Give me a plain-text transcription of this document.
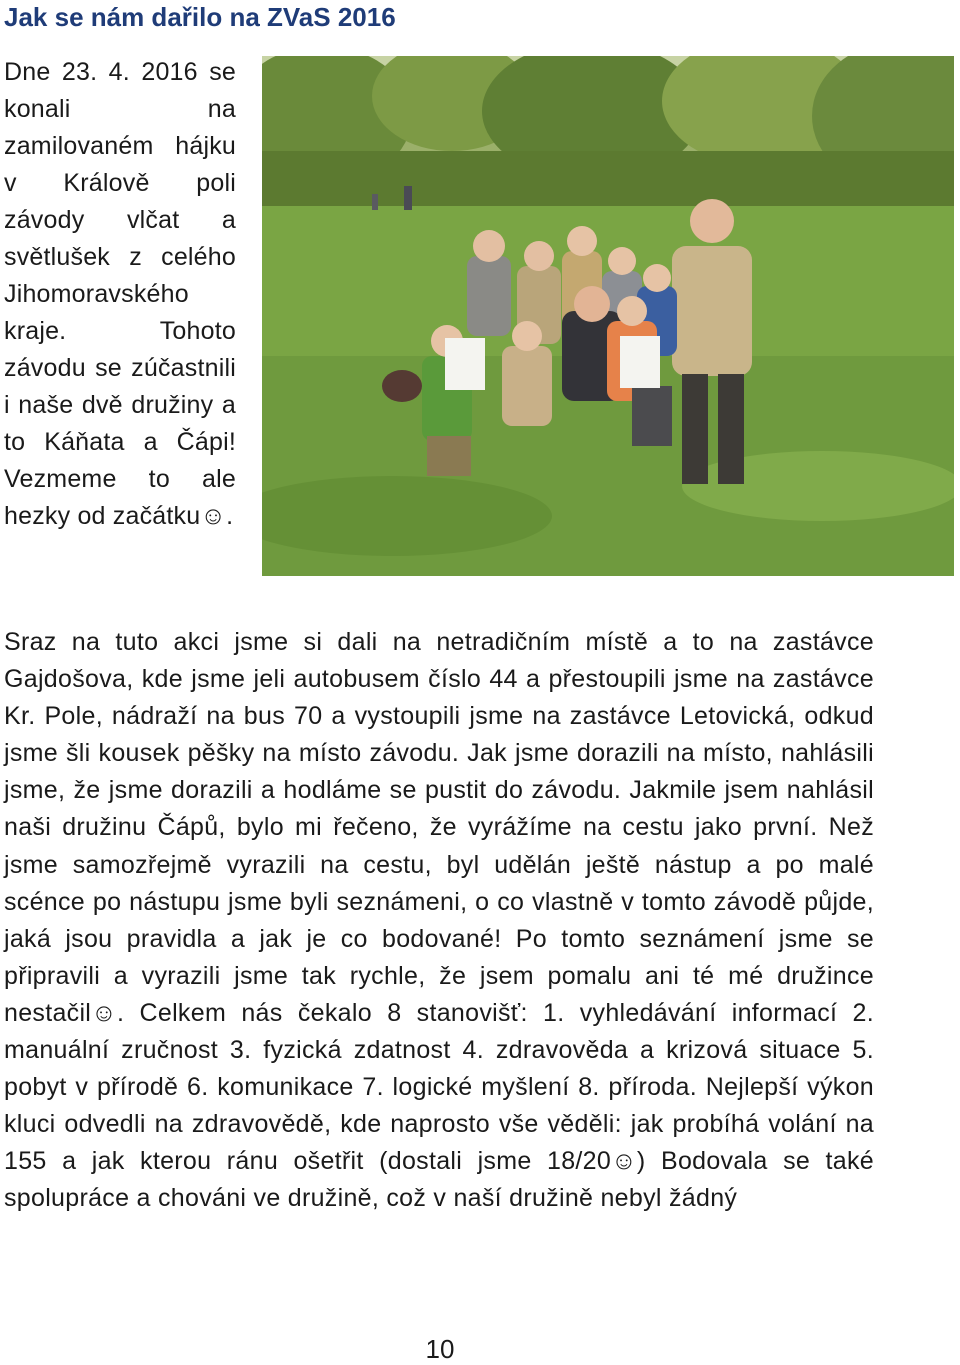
Jak se nám dařilo na ZVaS 2016
Dne 23. 4. 2016 se konali na zamilovaném hájku v Králově poli závody vlčat a světlušek z celého Jihomoravského kraje. Tohoto závodu se zúčastnili i naše dvě družiny a to Káňata a Čápi! Vezmeme to ale hezky od začátku☺.
Sraz na tuto akci jsme si dali na netradičním místě a to na zastávce Gajdošova, kde jsme jeli autobusem číslo 44 a přestoupili jsme na zastávce Kr. Pole, nádraží na bus 70 a vystoupili jsme na zastávce Letovická, odkud jsme šli kousek pěšky na místo závodu. Jak jsme dorazili na místo, nahlásili jsme, že jsme dorazili a hodláme se pustit do závodu. Jakmile jsem nahlásil naši družinu Čápů, bylo mi řečeno, že vyrážíme na cestu jako první. Než jsme samozřejmě vyrazili na cestu, byl udělán ještě nástup a po malé scénce po nástupu jsme byli seznámeni, o co vlastně v tomto závodě půjde, jaká jsou pravidla a jak je co bodované! Po tomto seznámení jsme se připravili a vyrazili jsme tak rychle, že jsem pomalu ani té mé družince nestačil☺. Celkem nás čekalo 8 stanovišť: 1. vyhledávání informací 2. manuální zručnost 3. fyzická zdatnost 4. zdravověda a krizová situace 5. pobyt v přírodě 6. komunikace 7. logické myšlení 8. příroda. Nejlepší výkon kluci odvedli na zdravovědě, kde naprosto vše věděli: jak probíhá volání na 155 a jak kterou ránu ošetřit (dostali jsme 18/20☺) Bodovala se také spolupráce a chováni ve družině, což v naší družině nebyl žádný
10
